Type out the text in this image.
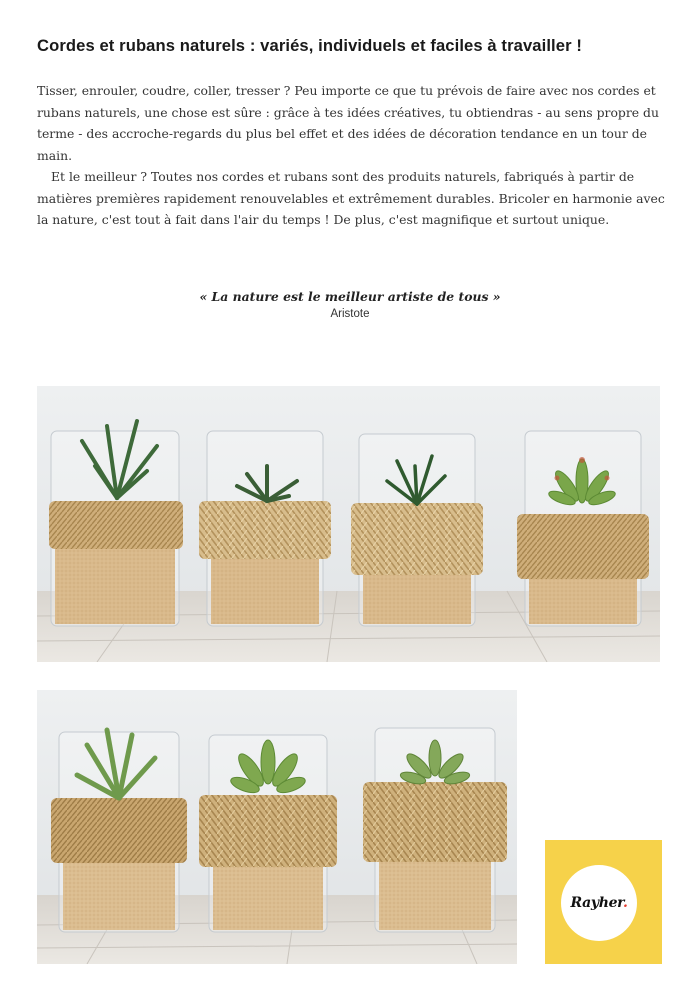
Cordes et rubans naturels : variés, individuels et faciles à travailler !

Tisser, enrouler, coudre, coller, tresser ? Peu importe ce que tu prévois de faire avec nos cordes et rubans naturels, une chose est sûre : grâce à tes idées créatives, tu obtiendras - au sens propre du terme - des accroche-regards du plus bel effet et des idées de décoration tendance en un tour de main.

Et le meilleur ? Toutes nos cordes et rubans sont des produits naturels, fabriqués à partir de matières premières rapidement renouvelables et extrêmement durables. Bricoler en harmonie avec la nature, c'est tout à fait dans l'air du temps ! De plus, c'est magnifique et surtout unique.

« La nature est le meilleur artiste de tous »
Aristote
Rayher.
